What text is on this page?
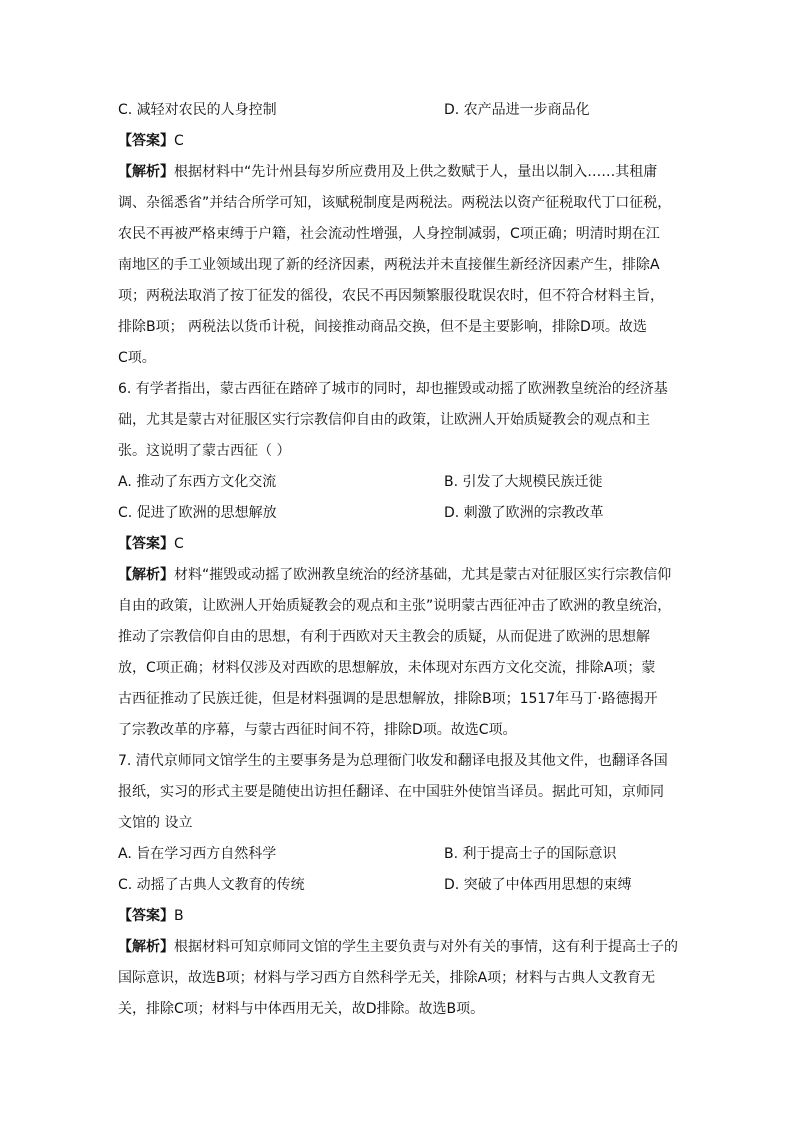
C. 减轻对农民的人身控制	D. 农产品进一步商品化
【答案】C
【解析】根据材料中“先计州县每岁所应费用及上供之数赋于人，量出以制入……其租庸
调、杂徭悉省”并结合所学可知，该赋税制度是两税法。两税法以资产征税取代丁口征税，
农民不再被严格束缚于户籍，社会流动性增强，人身控制减弱，C项正确；明清时期在江
南地区的手工业领域出现了新的经济因素，两税法并未直接催生新经济因素产生，排除A
项；两税法取消了按丁征发的徭役，农民不再因频繁服役耽误农时，但不符合材料主旨，
排除B项； 两税法以货币计税，间接推动商品交换，但不是主要影响，排除D项。故选
C项。
6. 有学者指出，蒙古西征在踏碎了城市的同时，却也摧毁或动摇了欧洲教皇统治的经济基
础，尤其是蒙古对征服区实行宗教信仰自由的政策，让欧洲人开始质疑教会的观点和主
张。这说明了蒙古西征（ ）
A. 推动了东西方文化交流	B. 引发了大规模民族迁徙
C. 促进了欧洲的思想解放	D. 刺激了欧洲的宗教改革
【答案】C
【解析】材料“摧毁或动摇了欧洲教皇统治的经济基础，尤其是蒙古对征服区实行宗教信仰
自由的政策，让欧洲人开始质疑教会的观点和主张”说明蒙古西征冲击了欧洲的教皇统治，
推动了宗教信仰自由的思想，有利于西欧对天主教会的质疑，从而促进了欧洲的思想解
放，C项正确；材料仅涉及对西欧的思想解放，未体现对东西方文化交流，排除A项；蒙
古西征推动了民族迁徙，但是材料强调的是思想解放，排除B项；1517年马丁·路德揭开
了宗教改革的序幕，与蒙古西征时间不符，排除D项。故选C项。
7. 清代京师同文馆学生的主要事务是为总理衙门收发和翻译电报及其他文件，也翻译各国
报纸，实习的形式主要是随使出访担任翻译、在中国驻外使馆当译员。据此可知，京师同
文馆的 设立
A. 旨在学习西方自然科学	B. 利于提高士子的国际意识
C. 动摇了古典人文教育的传统	D. 突破了中体西用思想的束缚
【答案】B
【解析】根据材料可知京师同文馆的学生主要负责与对外有关的事情，这有利于提高士子的
国际意识，故选B项；材料与学习西方自然科学无关，排除A项；材料与古典人文教育无
关，排除C项；材料与中体西用无关，故D排除。故选B项。
